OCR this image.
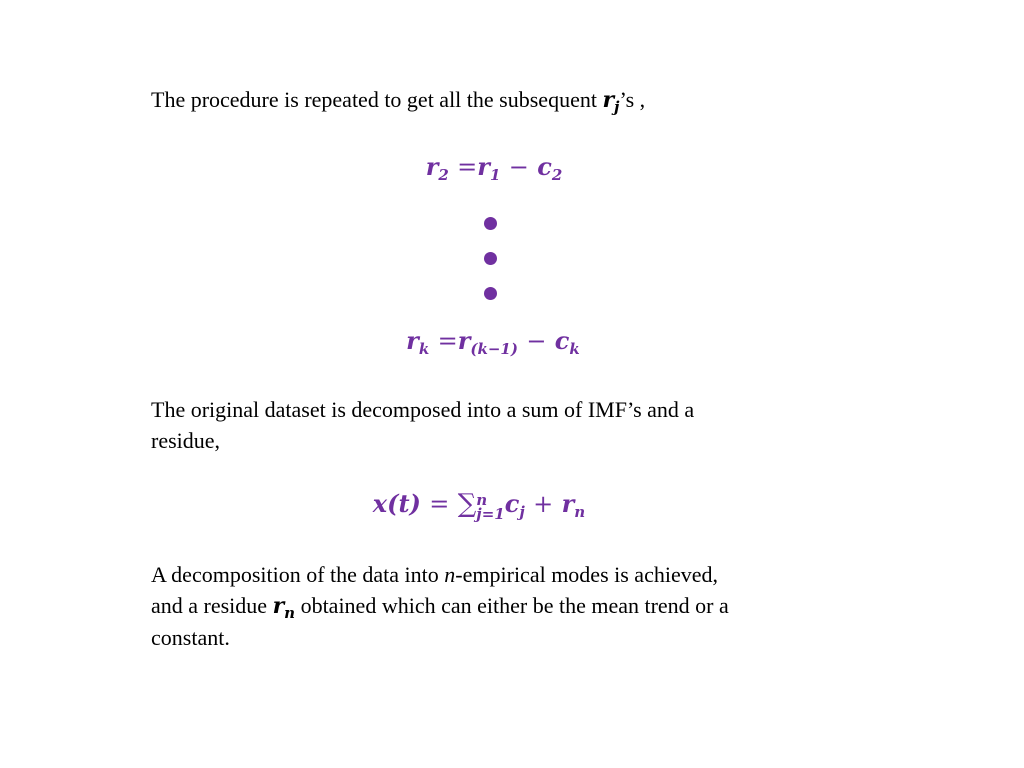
The procedure is repeated to get all the subsequent $r_j’s$ ,
$r_2 =r_1 - c_2$
$r_k =r_{(k-1)} - c_k$
The original dataset is decomposed into a sum of IMF’s and a
residue,
x(t) = ∑ n
j=1 $c_j + r_n$
A decomposition of the data into n-empirical modes is achieved,
and a residue $r_n$ obtained which can either be the mean trend or a
constant.
